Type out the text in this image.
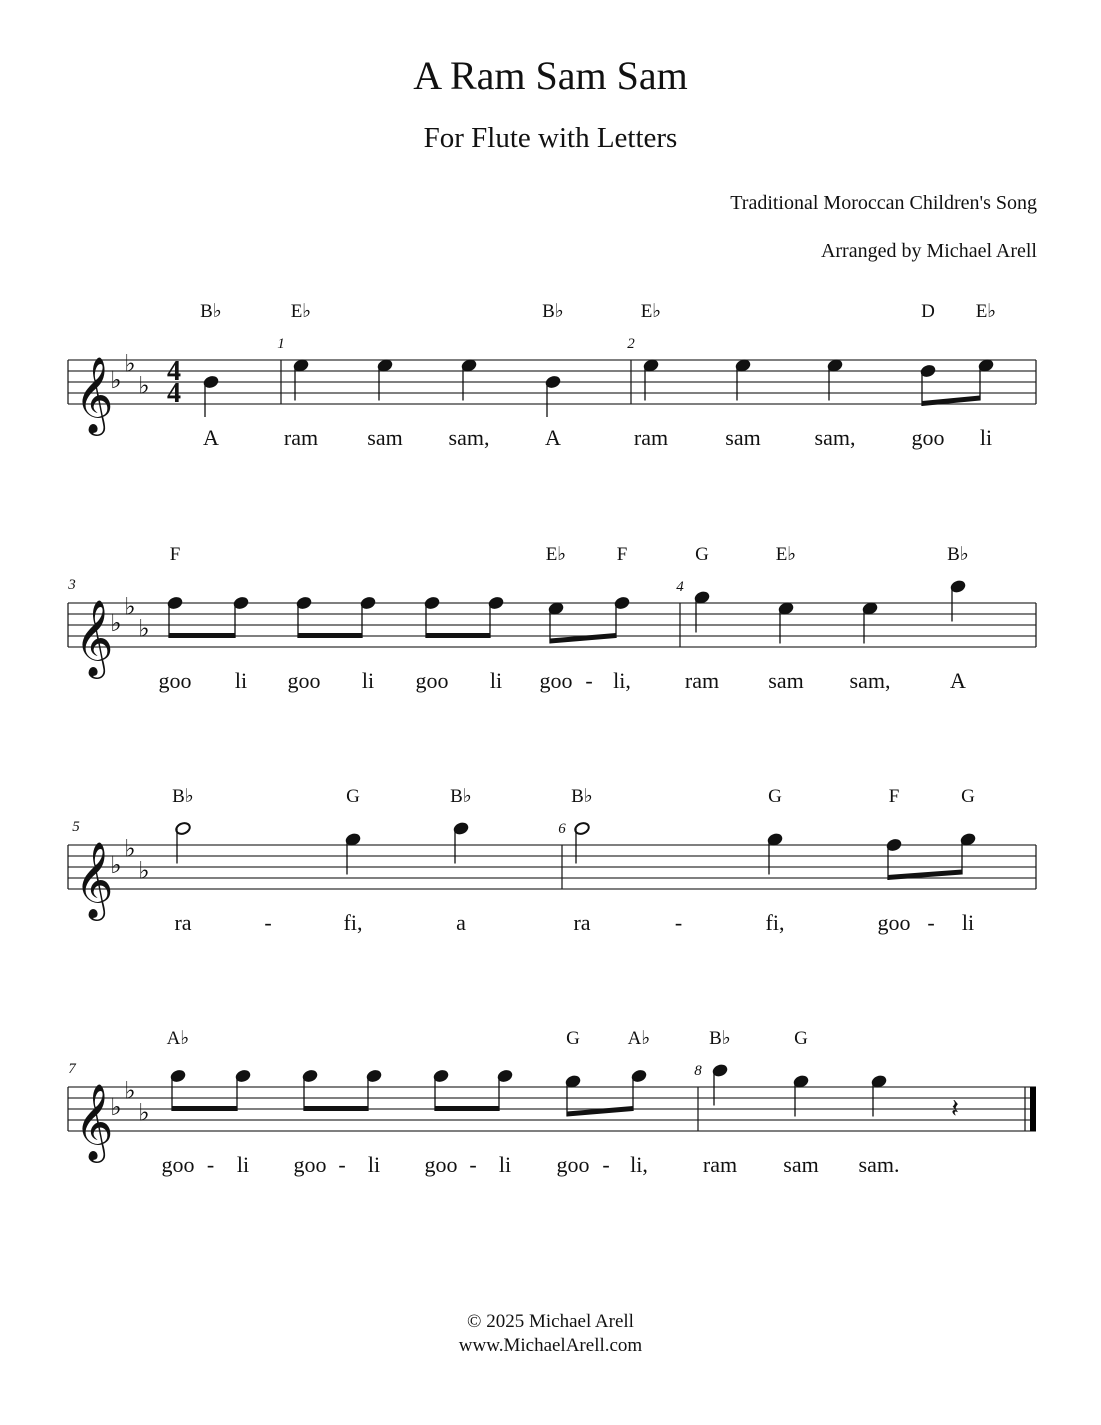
A Ram Sam Sam
For Flute with Letters
Traditional Moroccan Children's Song
Arranged by Michael Arell
𝄞
♭
♭
♭ 4
4
B♭
A
1
E♭
ram sam sam,
B♭
A
2
E♭
ram	sam sam,
D
goo
E♭
li
𝄞
♭
♭
♭
3
F
goo li goo li goo li
E♭
goo
F
li,
4
G
ram
E♭
sam sam,
B♭
A
-
𝄞
♭
♭
♭
5
B♭
ra
G
fi,
B♭
a
6
B♭
ra
G
fi,
F
goo
G
li
-	-	-
𝄞
♭
♭
♭
7
A♭
goo li goo li goo li
G
goo
A♭
li,
8
B♭
ram
G
sam sam.
𝄽
-	-	-	-
© 2025 Michael Arell
www.MichaelArell.com
